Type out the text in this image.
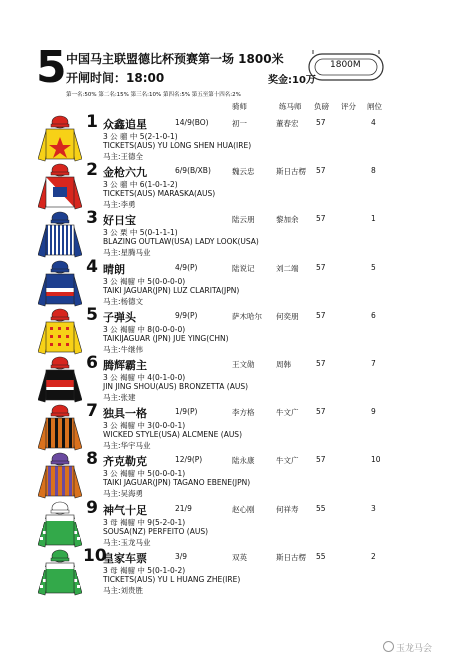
5 中国马主联盟德比杯预赛第一场 1800米
开闸时间：18:00	奖金:10万
1800M
第一名:50% 第二名:15% 第三名:10% 第四名:5% 第五至第十四名:2%
骑师	练马师 负磅 评分 闸位
1 众鑫追星	14/9(BO)	初一	董春宏 57	4
3 公 骝 中 5(2-1-0-1)
TICKETS(AUS) YU LONG SHEN HUA(IRE)
马主:王德全
2 金枪六九	6/9(B/XB)	魏云忠	斯日古楞 57	8
3 公 骝 中 6(1-0-1-2)
TICKETS(AUS) MARASKA(AUS)
马主:李勇
3 好日宝	陆云朋	黎加余 57	1
3 公 栗 中 5(0-1-1-1)
BLAZING OUTLAW(USA) LADY LOOK(USA)
马主:星腾马业
4 晴朗	4/9(P)	陆说记	刘二端 57	5
3 公 褐骝 中 5(0-0-0-0)
TAIKI JAGUAR(JPN) LUZ CLARITA(JPN)
马主:杨德文
5 子弹头	9/9(P)	萨木哈尔 何奕朋 57	6
3 公 褐骝 中 8(0-0-0-0)
TAIKIJAGUAR (JPN) JUE YING(CHN)
马主:牛继伟
6 腾辉霸主	王文勋	周韩	57	7
3 公 褐骝 中 4(0-1-0-0)
JIN JING SHOU(AUS) BRONZETTA (AUS)
马主:张建
7 独具一格	1/9(P)	李方格	牛文广 57	9
3 公 褐骝 中 3(0-0-0-1)
WICKED STYLE(USA) ALCMENE (AUS)
马主:华宇马业
8 齐克勒克	12/9(P)	陆永康	牛文广 57	10
3 公 褐骝 中 5(0-0-0-1)
TAIKI JAGUAR(JPN) TAGANO EBENE(JPN)
马主:吴海勇
9 神气十足	21/9	赵心刚	何祥寿 55	3
3 母 褐骝 中 9(5-2-0-1)
SOUSA(NZ) PERFEITO (AUS)
马主:玉龙马业
10
皇家车票	3/9	双英	斯日古楞 55	2
3 母 褐骝 中 5(0-1-0-2)
TICKETS(AUS) YU L HUANG ZHE(IRE)
马主:刘贵胜
玉龙马会
